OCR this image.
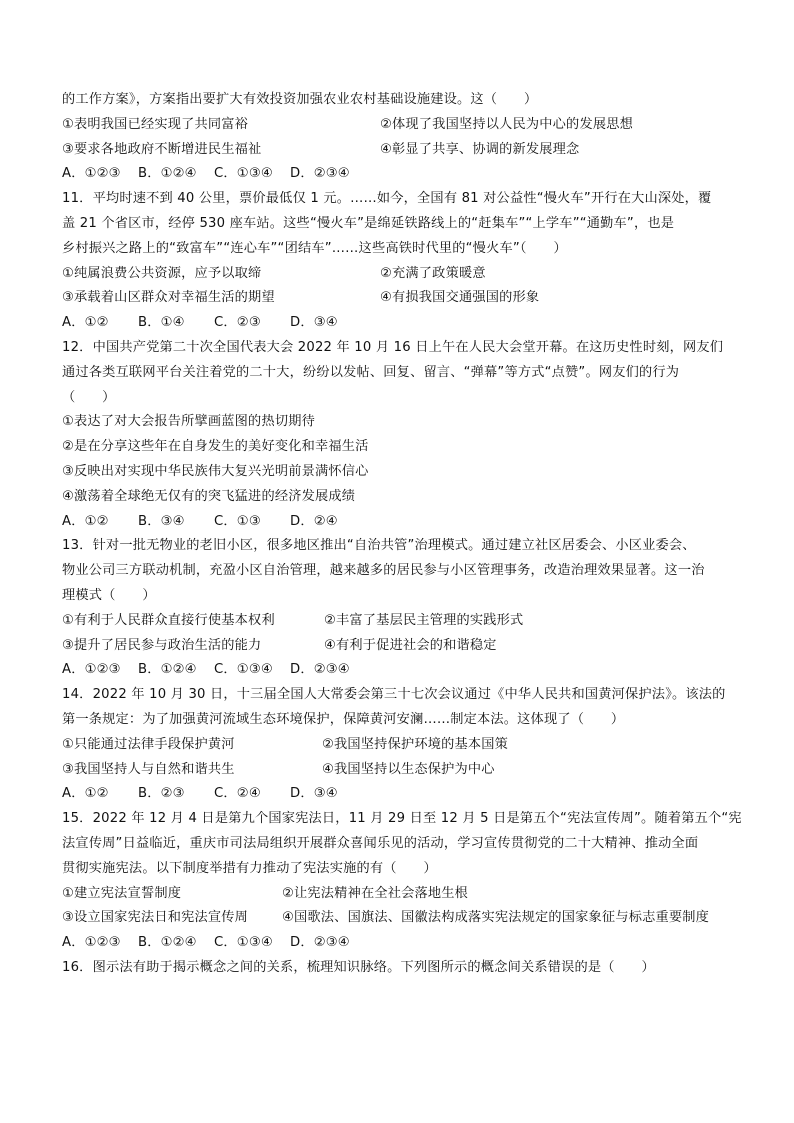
的工作方案》，方案指出要扩大有效投资加强农业农村基础设施建设。这（　　）
①表明我国已经实现了共同富裕	②体现了我国坚持以人民为中心的发展思想
③要求各地政府不断增进民生福祉	④彰显了共享、协调的新发展理念
A．①②③ B．①②④ C．①③④ D．②③④
11．平均时速不到 40 公里，票价最低仅 1 元。……如今，全国有 81 对公益性“慢火车”开行在大山深处，覆
盖 21 个省区市，经停 530 座车站。这些“慢火车”是绵延铁路线上的“赶集车”“上学车”“通勤车”，也是
乡村振兴之路上的“致富车”“连心车”“团结车”……这些高铁时代里的“慢火车”（　　）
①纯属浪费公共资源，应予以取缔	②充满了政策暖意
③承载着山区群众对幸福生活的期望	④有损我国交通强国的形象
A．①② B．①④ C．②③ D．③④
12．中国共产党第二十次全国代表大会 2022 年 10 月 16 日上午在人民大会堂开幕。在这历史性时刻，网友们
通过各类互联网平台关注着党的二十大，纷纷以发帖、回复、留言、“弹幕”等方式“点赞”。网友们的行为
（　　）
①表达了对大会报告所擘画蓝图的热切期待
②是在分享这些年在自身发生的美好变化和幸福生活
③反映出对实现中华民族伟大复兴光明前景满怀信心
④激荡着全球绝无仅有的突飞猛进的经济发展成绩
A．①② B．③④ C．①③ D．②④
13．针对一批无物业的老旧小区，很多地区推出“自治共管”治理模式。通过建立社区居委会、小区业委会、
物业公司三方联动机制，充盈小区自治管理，越来越多的居民参与小区管理事务，改造治理效果显著。这一治
理模式（　　）
①有利于人民群众直接行使基本权利	②丰富了基层民主管理的实践形式
③提升了居民参与政治生活的能力	④有利于促进社会的和谐稳定
A．①②③ B．①②④ C．①③④ D．②③④
14．2022 年 10 月 30 日，十三届全国人大常委会第三十七次会议通过《中华人民共和国黄河保护法》。该法的
第一条规定：为了加强黄河流域生态环境保护，保障黄河安澜……制定本法。这体现了（　　）
①只能通过法律手段保护黄河	②我国坚持保护环境的基本国策
③我国坚持人与自然和谐共生	④我国坚持以生态保护为中心
A．①② B．②③ C．②④ D．③④
15．2022 年 12 月 4 日是第九个国家宪法日，11 月 29 日至 12 月 5 日是第五个“宪法宣传周”。随着第五个“宪
法宣传周”日益临近，重庆市司法局组织开展群众喜闻乐见的活动，学习宣传贯彻党的二十大精神、推动全面
贯彻实施宪法。以下制度举措有力推动了宪法实施的有（　　）
①建立宪法宣誓制度	②让宪法精神在全社会落地生根
③设立国家宪法日和宪法宣传周	④国歌法、国旗法、国徽法构成落实宪法规定的国家象征与标志重要制度
A．①②③ B．①②④ C．①③④ D．②③④
16．图示法有助于揭示概念之间的关系，梳理知识脉络。下列图所示的概念间关系错误的是（　　）
